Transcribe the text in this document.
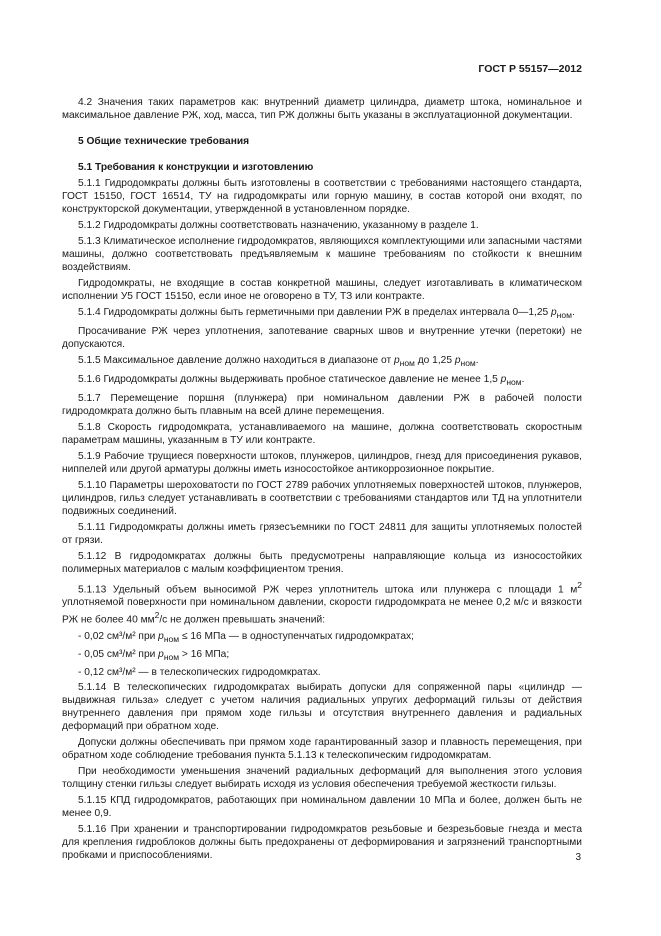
ГОСТ Р 55157—2012

4.2 Значения таких параметров как: внутренний диаметр цилиндра, диаметр штока, номинальное и максимальное давление РЖ, ход, масса, тип РЖ должны быть указаны в эксплуатационной документации.

5 Общие технические требования

5.1 Требования к конструкции и изготовлению

5.1.1 Гидродомкраты должны быть изготовлены в соответствии с требованиями настоящего стандарта, ГОСТ 15150, ГОСТ 16514, ТУ на гидродомкраты или горную машину, в состав которой они входят, по конструкторской документации, утвержденной в установленном порядке.

5.1.2 Гидродомкраты должны соответствовать назначению, указанному в разделе 1.

5.1.3 Климатическое исполнение гидродомкратов, являющихся комплектующими или запасными частями машины, должно соответствовать предъявляемым к машине требованиям по стойкости к внешним воздействиям.

Гидродомкраты, не входящие в состав конкретной машины, следует изготавливать в климатическом исполнении У5 ГОСТ 15150, если иное не оговорено в ТУ, ТЗ или контракте.

5.1.4 Гидродомкраты должны быть герметичными при давлении РЖ в пределах интервала 0—1,25 $p_{ном}$.

Просачивание РЖ через уплотнения, запотевание сварных швов и внутренние утечки (перетоки) не допускаются.

5.1.5 Максимальное давление должно находиться в диапазоне от $p_{ном}$ до 1,25 $p_{ном}$.

5.1.6 Гидродомкраты должны выдерживать пробное статическое давление не менее 1,5 $p_{ном}$.

5.1.7 Перемещение поршня (плунжера) при номинальном давлении РЖ в рабочей полости гидродомкрата должно быть плавным на всей длине перемещения.

5.1.8 Скорость гидродомкрата, устанавливаемого на машине, должна соответствовать скоростным параметрам машины, указанным в ТУ или контракте.

5.1.9 Рабочие трущиеся поверхности штоков, плунжеров, цилиндров, гнезд для присоединения рукавов, ниппелей или другой арматуры должны иметь износостойкое антикоррозионное покрытие.

5.1.10 Параметры шероховатости по ГОСТ 2789 рабочих уплотняемых поверхностей штоков, плунжеров, цилиндров, гильз следует устанавливать в соответствии с требованиями стандартов или ТД на уплотнители подвижных соединений.

5.1.11 Гидродомкраты должны иметь грязесъемники по ГОСТ 24811 для защиты уплотняемых полостей от грязи.

5.1.12 В гидродомкратах должны быть предусмотрены направляющие кольца из износостойких полимерных материалов с малым коэффициентом трения.

5.1.13 Удельный объем выносимой РЖ через уплотнитель штока или плунжера с площади 1 $м^2$ уплотняемой поверхности при номинальном давлении, скорости гидродомкрата не менее 0,2 м/с и вязкости РЖ не более 40 $мм^2/с$ не должен превышать значений:

- 0,02 см³/м² при $p_{ном} \le 16$ МПа — в одноступенчатых гидродомкратах;

- 0,05 см³/м² при $p_{ном} > 16$ МПа;

- 0,12 см³/м² — в телескопических гидродомкратах.

5.1.14 В телескопических гидродомкратах выбирать допуски для сопряженной пары «цилиндр — выдвижная гильза» следует с учетом наличия радиальных упругих деформаций гильзы от действия внутреннего давления при прямом ходе гильзы и отсутствия внутреннего давления и радиальных деформаций при обратном ходе.

Допуски должны обеспечивать при прямом ходе гарантированный зазор и плавность перемещения, при обратном ходе соблюдение требования пункта 5.1.13 к телескопическим гидродомкратам.

При необходимости уменьшения значений радиальных деформаций для выполнения этого условия толщину стенки гильзы следует выбирать исходя из условия обеспечения требуемой жесткости гильзы.

5.1.15 КПД гидродомкратов, работающих при номинальном давлении 10 МПа и более, должен быть не менее 0,9.

5.1.16 При хранении и транспортировании гидродомкратов резьбовые и безрезьбовые гнезда и места для крепления гидроблоков должны быть предохранены от деформирования и загрязнений транспортными пробками и приспособлениями.	3
